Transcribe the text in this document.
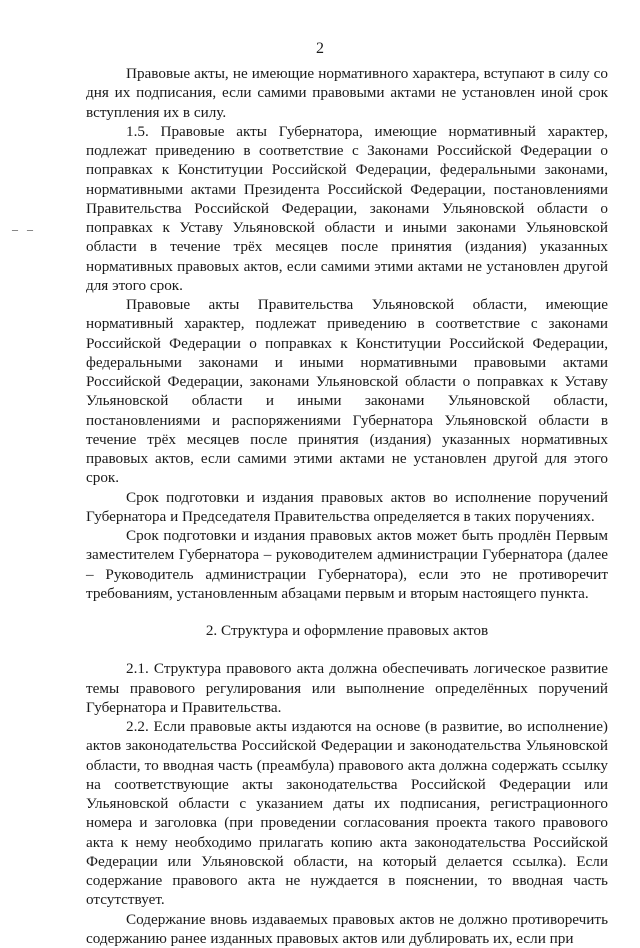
2
– –

Правовые акты, не имеющие нормативного характера, вступают в силу со дня их подписания, если самими правовыми актами не установлен иной срок вступления их в силу.

1.5. Правовые акты Губернатора, имеющие нормативный характер, подлежат приведению в соответствие с Законами Российской Федерации о поправках к Конституции Российской Федерации, федеральными законами, нормативными актами Президента Российской Федерации, постановлениями Правительства Российской Федерации, законами Ульяновской области о поправках к Уставу Ульяновской области и иными законами Ульяновской области в течение трёх месяцев после принятия (издания) указанных нормативных правовых актов, если самими этими актами не установлен другой для этого срок.

Правовые акты Правительства Ульяновской области, имеющие нормативный характер, подлежат приведению в соответствие с законами Российской Федерации о поправках к Конституции Российской Федерации, федеральными законами и иными нормативными правовыми актами Российской Федерации, законами Ульяновской области о поправках к Уставу Ульяновской области и иными законами Ульяновской области, постановлениями и распоряжениями Губернатора Ульяновской области в течение трёх месяцев после принятия (издания) указанных нормативных правовых актов, если самими этими актами не установлен другой для этого срок.

Срок подготовки и издания правовых актов во исполнение поручений Губернатора и Председателя Правительства определяется в таких поручениях.

Срок подготовки и издания правовых актов может быть продлён Первым заместителем Губернатора – руководителем администрации Губернатора (далее – Руководитель администрации Губернатора), если это не противоречит требованиям, установленным абзацами первым и вторым настоящего пункта.

2. Структура и оформление правовых актов

2.1. Структура правового акта должна обеспечивать логическое развитие темы правового регулирования или выполнение определённых поручений Губернатора и Правительства.

2.2. Если правовые акты издаются на основе (в развитие, во исполнение) актов законодательства Российской Федерации и законодательства Ульяновской области, то вводная часть (преамбула) правового акта должна содержать ссылку на соответствующие акты законодательства Российской Федерации или Ульяновской области с указанием даты их подписания, регистрационного номера и заголовка (при проведении согласования проекта такого правового акта к нему необходимо прилагать копию акта законодательства Российской Федерации или Ульяновской области, на который делается ссылка). Если содержание правового акта не нуждается в пояснении, то вводная часть отсутствует.

Содержание вновь издаваемых правовых актов не должно противоречить содержанию ранее изданных правовых актов или дублировать их, если при
